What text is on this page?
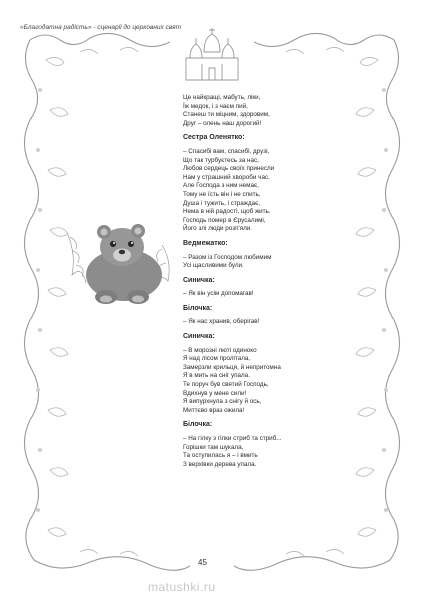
«Благодатна радість» - сценарії до церковних свят
Це найкращі, мабуть, ліки,
Їж медок, і з чаєм пий,
Станеш ти міцним, здоровим,
Друг – олень наш дорогий!
Сестра Оленятко:
– Спасибі вам, спасибі, друзі,
Що так турбуєтесь за нас,
Любов сердець своїх принесли
Нам у страшний хвороби час.
Але Господа з ним немає,
Тому не їсть він і не спить,
Душа і тужить, і страждає,
Нема в ній радості, щоб жить.
Господь помер в Єрусалимі,
Його злі люди розп'яли.
Ведмежатко:
– Разом із Господом любимим
Усі щасливими були.
Синичка:
– Як він усім допомагав!
Білочка:
– Як нас хранив, оберігав!
Синичка:
– В морозні люті одиноко
Я над лісом пролітала,
Замерзли крильця, й непритомна
Я в мить на сніг упала.
Те поруч був святий Господь,
Вдихнув у мене сили!
Я випурхнула з снігу й ось,
Миттєво враз ожила!
Білочка:
– На гілку з гілки стриб та стриб...
Горішки там шукала,
Та оступилась я – і вмить
З верхівки дерева упала.
45
matushki.ru
